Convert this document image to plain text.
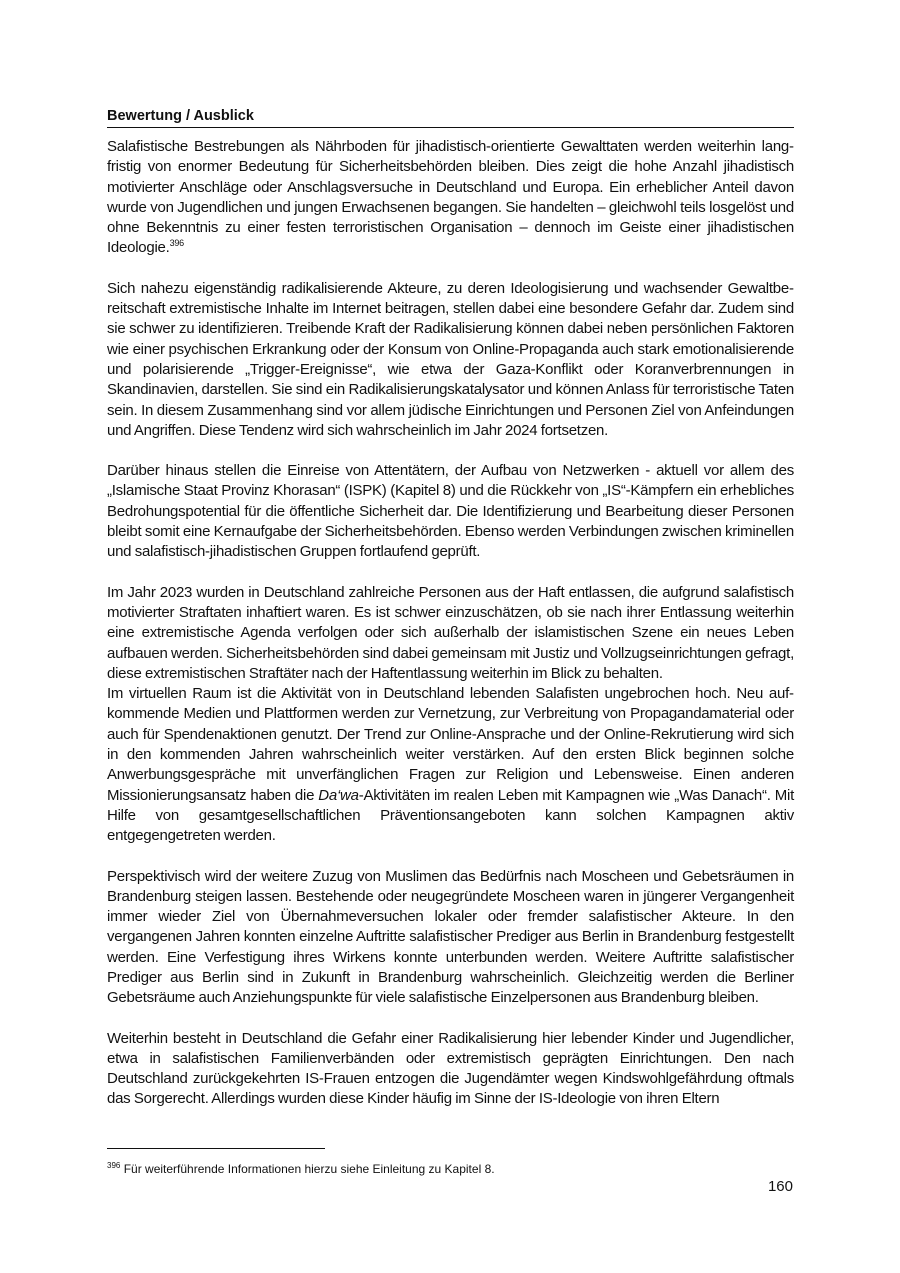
Bewertung / Ausblick

Salafistische Bestrebungen als Nährboden für jihadistisch-orientierte Gewalttaten werden weiterhin langfristig von enormer Bedeutung für Sicherheitsbehörden bleiben. Dies zeigt die hohe Anzahl jihadistisch motivierter Anschläge oder Anschlagsversuche in Deutschland und Europa. Ein erheblicher Anteil davon wurde von Jugendlichen und jungen Erwachsenen begangen. Sie handelten – gleichwohl teils losgelöst und ohne Bekenntnis zu einer festen terroristischen Organisation – dennoch im Geiste einer jihadistischen Ideologie.$^{396}$

Sich nahezu eigenständig radikalisierende Akteure, zu deren Ideologisierung und wachsender Gewaltbereitschaft extremistische Inhalte im Internet beitragen, stellen dabei eine besondere Gefahr dar. Zudem sind sie schwer zu identifizieren. Treibende Kraft der Radikalisierung können dabei neben persönlichen Faktoren wie einer psychischen Erkrankung oder der Konsum von Online-Propaganda auch stark emotionalisierende und polarisierende „Trigger-Ereignisse“, wie etwa der Gaza-Konflikt oder Koranverbrennungen in Skandinavien, darstellen. Sie sind ein Radikalisierungskatalysator und können Anlass für terroristische Taten sein. In diesem Zusammenhang sind vor allem jüdische Einrichtungen und Personen Ziel von Anfeindungen und Angriffen. Diese Tendenz wird sich wahrscheinlich im Jahr 2024 fortsetzen.

Darüber hinaus stellen die Einreise von Attentätern, der Aufbau von Netzwerken - aktuell vor allem des „Islamische Staat Provinz Khorasan“ (ISPK) (Kapitel 8) und die Rückkehr von „IS“-Kämpfern ein erhebliches Bedrohungspotential für die öffentliche Sicherheit dar. Die Identifizierung und Bearbeitung dieser Personen bleibt somit eine Kernaufgabe der Sicherheitsbehörden. Ebenso werden Verbindungen zwischen kriminellen und salafistisch-jihadistischen Gruppen fortlaufend geprüft.

Im Jahr 2023 wurden in Deutschland zahlreiche Personen aus der Haft entlassen, die aufgrund salafistisch motivierter Straftaten inhaftiert waren. Es ist schwer einzuschätzen, ob sie nach ihrer Entlassung weiterhin eine extremistische Agenda verfolgen oder sich außerhalb der islamistischen Szene ein neues Leben aufbauen werden. Sicherheitsbehörden sind dabei gemeinsam mit Justiz und Vollzugseinrichtungen gefragt, diese extremistischen Straftäter nach der Haftentlassung weiterhin im Blick zu behalten.

Im virtuellen Raum ist die Aktivität von in Deutschland lebenden Salafisten ungebrochen hoch. Neu aufkommende Medien und Plattformen werden zur Vernetzung, zur Verbreitung von Propagandamaterial oder auch für Spendenaktionen genutzt. Der Trend zur Online-Ansprache und der Online-Rekrutierung wird sich in den kommenden Jahren wahrscheinlich weiter verstärken. Auf den ersten Blick beginnen solche Anwerbungsgespräche mit unverfänglichen Fragen zur Religion und Lebensweise. Einen anderen Missionierungsansatz haben die Da‘wa-Aktivitäten im realen Leben mit Kampagnen wie „Was Danach“. Mit Hilfe von gesamtgesellschaftlichen Präventionsangeboten kann solchen Kampagnen aktiv entgegengetreten werden.

Perspektivisch wird der weitere Zuzug von Muslimen das Bedürfnis nach Moscheen und Gebetsräumen in Brandenburg steigen lassen. Bestehende oder neugegründete Moscheen waren in jüngerer Vergangenheit immer wieder Ziel von Übernahmeversuchen lokaler oder fremder salafistischer Akteure. In den vergangenen Jahren konnten einzelne Auftritte salafistischer Prediger aus Berlin in Brandenburg festgestellt werden. Eine Verfestigung ihres Wirkens konnte unterbunden werden. Weitere Auftritte salafistischer Prediger aus Berlin sind in Zukunft in Brandenburg wahrscheinlich. Gleichzeitig werden die Berliner Gebetsräume auch Anziehungspunkte für viele salafistische Einzelpersonen aus Brandenburg bleiben.

Weiterhin besteht in Deutschland die Gefahr einer Radikalisierung hier lebender Kinder und Jugendlicher, etwa in salafistischen Familienverbänden oder extremistisch geprägten Einrichtungen. Den nach Deutschland zurückgekehrten IS-Frauen entzogen die Jugendämter wegen Kindswohlgefährdung oftmals das Sorgerecht. Allerdings wurden diese Kinder häufig im Sinne der IS-Ideologie von ihren Eltern

$^{396}$ Für weiterführende Informationen hierzu siehe Einleitung zu Kapitel 8.
160
